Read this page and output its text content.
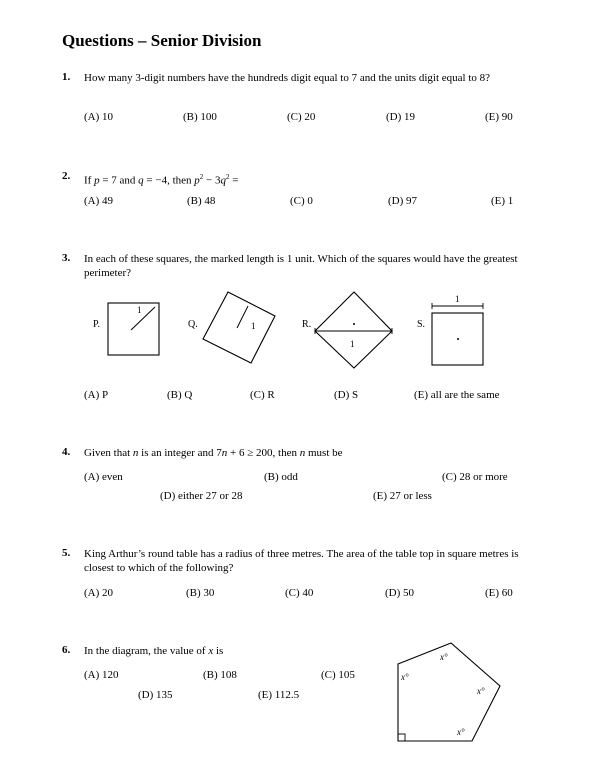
Questions – Senior Division
1. How many 3-digit numbers have the hundreds digit equal to 7 and the units digit equal to 8?
(A) 10	(B) 100	(C) 20	(D) 19	(E) 90
2. If p = 7 and q = −4, then $p^2 - 3q^2$ =
(A) 49	(B) 48	(C) 0	(D) 97	(E) 1
3. In each of these squares, the marked length is 1 unit. Which of the squares would have the greatest perimeter?
P.	Q.	R.	S.
1
1
1
1
(A) P	(B) Q	(C) R	(D) S	(E) all are the same
4. Given that n is an integer and 7n + 6 ≥ 200, then n must be
(A) even	(B) odd	(C) 28 or more
(D) either 27 or 28	(E) 27 or less
5. King Arthur’s round table has a radius of three metres. The area of the table top in square metres is closest to which of the following?
(A) 20	(B) 30	(C) 40	(D) 50	(E) 60
6. In the diagram, the value of x is
(A) 120	(B) 108	(C) 105
(D) 135	(E) 112.5
x°
x°
x°
x°
